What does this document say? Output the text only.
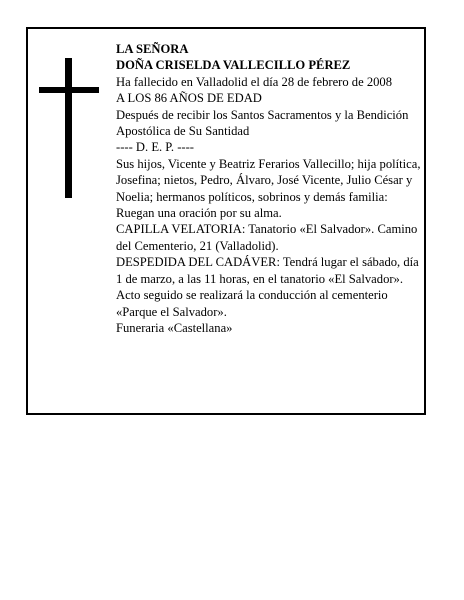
LA SEÑORA

DOÑA CRISELDA VALLECILLO PÉREZ

Ha fallecido en Valladolid el día 28 de febrero de 2008

A LOS 86 AÑOS DE EDAD

Después de recibir los Santos Sacramentos y la Bendición Apostólica de Su Santidad

---- D. E. P. ----

Sus hijos, Vicente y Beatriz Ferarios Vallecillo; hija política, Josefina; nietos, Pedro, Álvaro, José Vicente, Julio César y Noelia; hermanos políticos, sobrinos y demás familia:

Ruegan una oración por su alma.

CAPILLA VELATORIA: Tanatorio «El Salvador». Camino del Cementerio, 21 (Valladolid).

DESPEDIDA DEL CADÁVER: Tendrá lugar el sábado, día 1 de marzo, a las 11 horas, en el tanatorio «El Salvador». Acto seguido se realizará la conducción al cementerio «Parque el Salvador».

Funeraria «Castellana»
